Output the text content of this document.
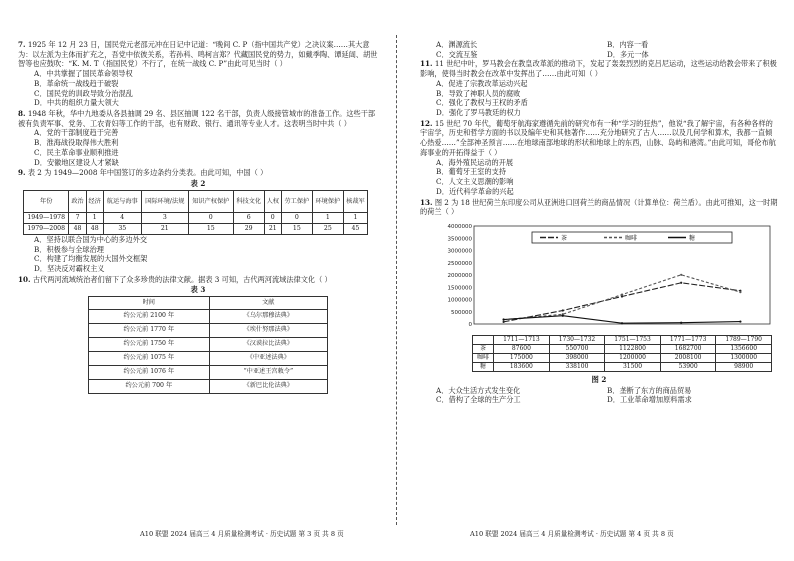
7. 1925 年 12 月 23 日，国民党元老邵元冲在日记中记道：“晚间 C. P（指中国共产党）之决议案……其大意为：以左派为主体而扩充之，吾党中依彼关系，若孙科、鸣柯言郑？代藏国民党的势力，如戴季陶、谭延闿、胡世智等也应鼓吹：“K. M. T（指国民党）不行了，在统一战线 C. P”由此可见当时（ ）
A．中共掌握了国民革命领导权
B．革命统一战线趋于破裂
C．国民党的训政导致分治混乱
D．中共的组织力量大领大
8. 1948 年秋，华中九地委从各县抽调 29 名、县区抽调 122 名干部，负责人级接管城市的准备工作。这些干部被有负责军事、党务、工农青妇等工作的干部，也有财政、银行、通讯等专业人才。这表明当时中共（ ）
A．党的干部制度趋于完善
B．淮海战役取得伟大胜利
C．民主革命事业顺利推进
D．安徽地区建设人才紧缺
9. 表 2 为 1949—2008 年中国签订的多边条约分类表。由此可知，中国（ ）
表 2
年份	政治	经济	航运与海事	国际环境/法规	知识产权保护	科技文化	人权	劳工保护	环境保护	核裁军
1949—1978	7	1	4	3	0	6	0	0	1	1
1979—2008	48	48	35	21	15	29	21	15	25	45
A．坚持以联合国为中心的多边外交
B．积极参与全球治理
C．构建了均衡发展的大国外交框架
D．坚决反对霸权主义
10. 古代两河流域统治者们留下了众多珍贵的法律文献。据表 3 可知，古代两河流域法律文化（ ）
表 3
时间	文献
约公元前 2100 年	《乌尔那穆法典》
约公元前 1770 年	《埃什努那法典》
约公元前 1750 年	《汉谟拉比法典》
约公元前 1075 年	《中亚述法典》
约公元前 1076 年	“中亚述王宫敕令”
约公元前 700 年	《新巴比伦法典》
A10 联盟 2024 届高三 4 月质量检测考试 · 历史试题 第 3 页 共 8 页
A．渊源流长	B．内容一看
C．交流互鉴	D．多元一体
11. 11 世纪中叶，罗马教会在教皇改革派的推动下，发起了轰轰烈烈的克吕尼运动，这些运动给教会带来了积极影响，使得当时教会在改革中发挥出了……由此可知（ ）
A．促进了宗教改革运动兴起
B．导致了神职人员的腐败
C．强化了教权与王权的矛盾
D．强化了罗马教廷的权力
12. 15 世纪 70 年代，葡萄牙航海家遵循先前的研究布有一种“学习的狂热”，他说“我了解宇宙，有各种各样的宇宙学，历史和哲学方面的书以及编年史和其他著作……充分地研究了古人……以及几何学和算术，我都一直倾心热爱……”全部神圣预言……在地球南部地球的形状和地球上的东西，山脉、岛屿和港湾。”由此可知，哥伦布航海事业的开拓得益于（ ）
A．海外殖民运动的开展
B．葡萄牙王室的支持
C．人文主义思潮的影响
D．近代科学革命的兴起
13. 图 2 为 18 世纪荷兰东印度公司从亚洲进口回荷兰的商品情况（计算单位：荷兰盾）。由此可推知，这一时期的荷兰（ ）
4000000
3500000
3000000
2500000
2000000
1500000
1000000
500000
0
茶	咖啡	糖
	1711—1713	1730—1732	1751—1753	1771—1773	1789—1790
茶	87600	550700	1122800	1682700	1356600
咖啡	175000	398000	1200000	2008100	1300000
糖	183600	338100	31500	53900	98900
图 2
A．大众生活方式发生变化	B．垄断了东方的商品贸易
C．借构了全球的生产分工	D．工业革命增加原料需求
A10 联盟 2024 届高三 4 月质量检测考试 · 历史试题 第 4 页 共 8 页
